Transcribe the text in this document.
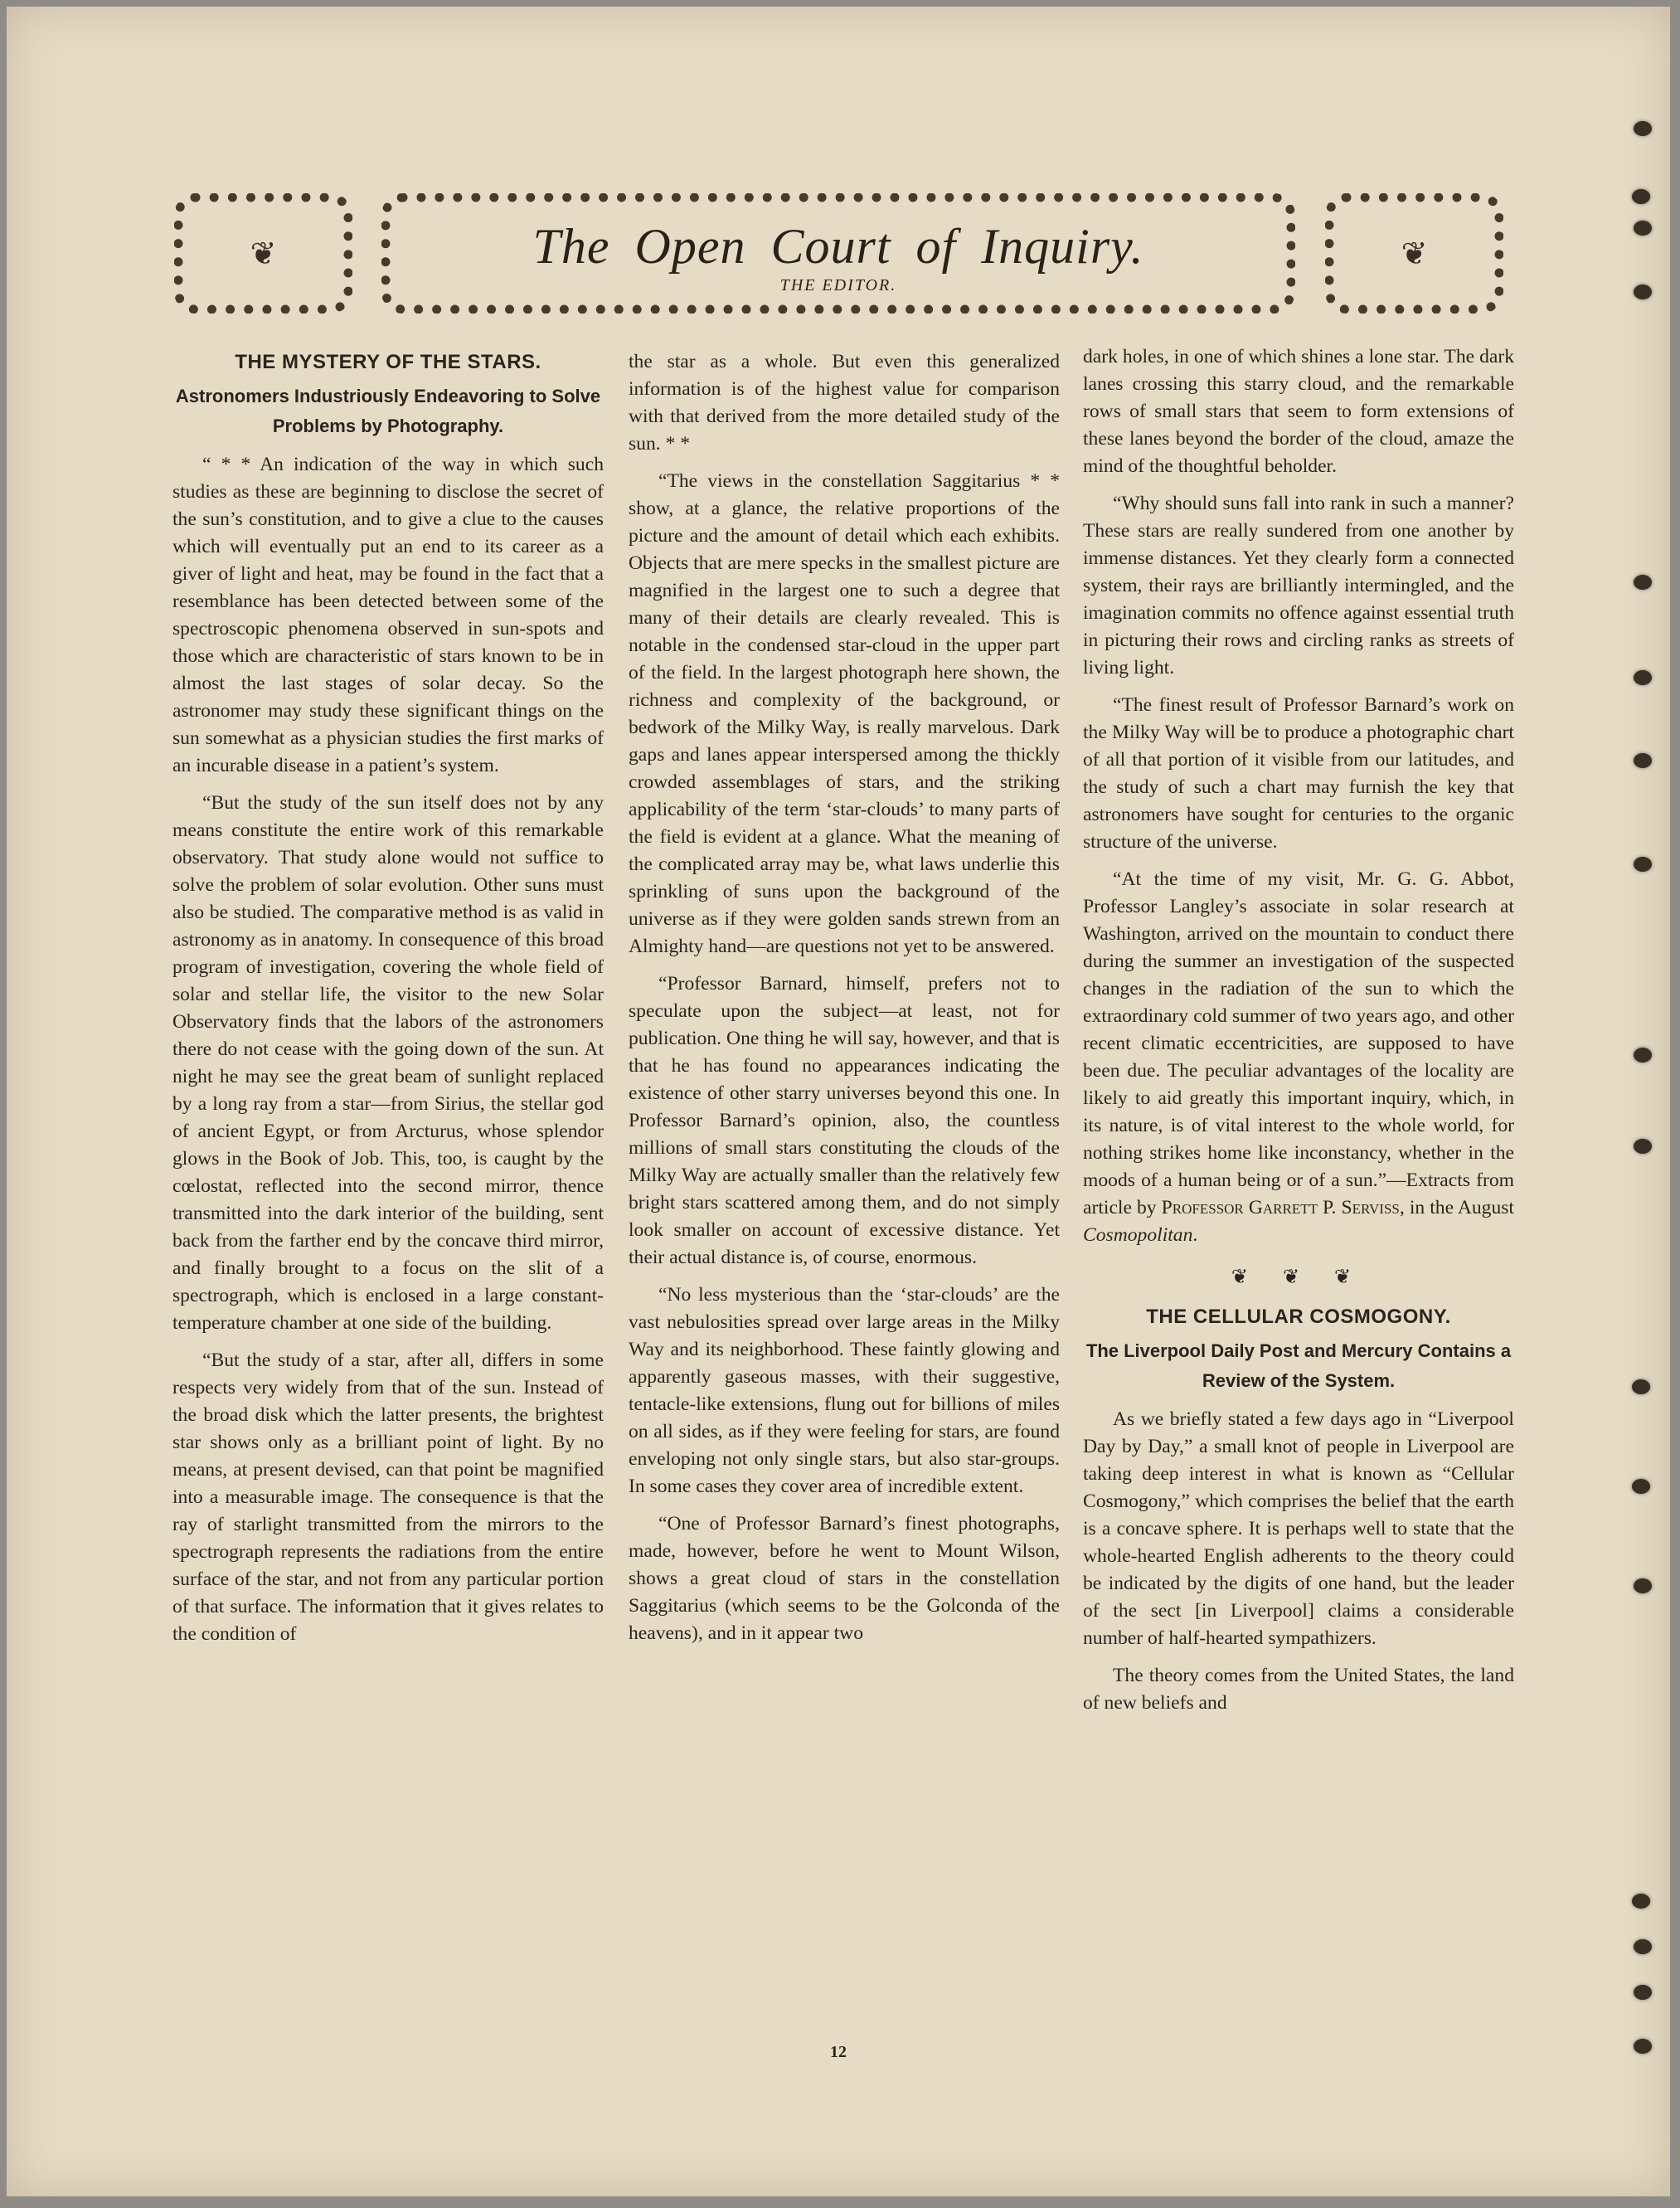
❦	❦
The Open Court of Inquiry.
THE EDITOR.
THE MYSTERY OF THE STARS.
Astronomers Industriously Endeavoring to Solve Problems by Photography.

“ * * An indication of the way in which such studies as these are beginning to disclose the secret of the sun’s constitution, and to give a clue to the causes which will eventually put an end to its career as a giver of light and heat, may be found in the fact that a resemblance has been detected between some of the spectroscopic phenomena observed in sun-spots and those which are characteristic of stars known to be in almost the last stages of solar decay. So the astronomer may study these significant things on the sun somewhat as a physician studies the first marks of an incurable disease in a patient’s system.

“But the study of the sun itself does not by any means constitute the entire work of this remarkable observatory. That study alone would not suffice to solve the problem of solar evolution. Other suns must also be studied. The comparative method is as valid in astronomy as in anatomy. In consequence of this broad program of investigation, covering the whole field of solar and stellar life, the visitor to the new Solar Observatory finds that the labors of the astronomers there do not cease with the going down of the sun. At night he may see the great beam of sunlight replaced by a long ray from a star—from Sirius, the stellar god of ancient Egypt, or from Arcturus, whose splendor glows in the Book of Job. This, too, is caught by the cœlostat, reflected into the second mirror, thence transmitted into the dark interior of the building, sent back from the farther end by the concave third mirror, and finally brought to a focus on the slit of a spectrograph, which is enclosed in a large constant-temperature chamber at one side of the building.

“But the study of a star, after all, differs in some respects very widely from that of the sun. Instead of the broad disk which the latter presents, the brightest star shows only as a brilliant point of light. By no means, at present devised, can that point be magnified into a measurable image. The consequence is that the ray of starlight transmitted from the mirrors to the spectrograph represents the radiations from the entire surface of the star, and not from any particular portion of that surface. The information that it gives relates to the condition of

the star as a whole. But even this generalized information is of the highest value for comparison with that derived from the more detailed study of the sun. * *

“The views in the constellation Saggitarius * * show, at a glance, the relative proportions of the picture and the amount of detail which each exhibits. Objects that are mere specks in the smallest picture are magnified in the largest one to such a degree that many of their details are clearly revealed. This is notable in the condensed star-cloud in the upper part of the field. In the largest photograph here shown, the richness and complexity of the background, or bedwork of the Milky Way, is really marvelous. Dark gaps and lanes appear interspersed among the thickly crowded assemblages of stars, and the striking applicability of the term ‘star-clouds’ to many parts of the field is evident at a glance. What the meaning of the complicated array may be, what laws underlie this sprinkling of suns upon the background of the universe as if they were golden sands strewn from an Almighty hand—are questions not yet to be answered.

“Professor Barnard, himself, prefers not to speculate upon the subject—at least, not for publication. One thing he will say, however, and that is that he has found no appearances indicating the existence of other starry universes beyond this one. In Professor Barnard’s opinion, also, the countless millions of small stars constituting the clouds of the Milky Way are actually smaller than the relatively few bright stars scattered among them, and do not simply look smaller on account of excessive distance. Yet their actual distance is, of course, enormous.

“No less mysterious than the ‘star-clouds’ are the vast nebulosities spread over large areas in the Milky Way and its neighborhood. These faintly glowing and apparently gaseous masses, with their suggestive, tentacle-like extensions, flung out for billions of miles on all sides, as if they were feeling for stars, are found enveloping not only single stars, but also star-groups. In some cases they cover area of incredible extent.

“One of Professor Barnard’s finest photographs, made, however, before he went to Mount Wilson, shows a great cloud of stars in the constellation Saggitarius (which seems to be the Golconda of the heavens), and in it appear two

dark holes, in one of which shines a lone star. The dark lanes crossing this starry cloud, and the remarkable rows of small stars that seem to form extensions of these lanes beyond the border of the cloud, amaze the mind of the thoughtful beholder.

“Why should suns fall into rank in such a manner? These stars are really sundered from one another by immense distances. Yet they clearly form a connected system, their rays are brilliantly intermingled, and the imagination commits no offence against essential truth in picturing their rows and circling ranks as streets of living light.

“The finest result of Professor Barnard’s work on the Milky Way will be to produce a photographic chart of all that portion of it visible from our latitudes, and the study of such a chart may furnish the key that astronomers have sought for centuries to the organic structure of the universe.

“At the time of my visit, Mr. G. G. Abbot, Professor Langley’s associate in solar research at Washington, arrived on the mountain to conduct there during the summer an investigation of the suspected changes in the radiation of the sun to which the extraordinary cold summer of two years ago, and other recent climatic eccentricities, are supposed to have been due. The peculiar advantages of the locality are likely to aid greatly this important inquiry, which, in its nature, is of vital interest to the whole world, for nothing strikes home like inconstancy, whether in the moods of a human being or of a sun.”—Extracts from article by Professor Garrett P. Serviss, in the August Cosmopolitan.

❦ ❦ ❦
THE CELLULAR COSMOGONY.
The Liverpool Daily Post and Mercury Contains a Review of the System.

As we briefly stated a few days ago in “Liverpool Day by Day,” a small knot of people in Liverpool are taking deep interest in what is known as “Cellular Cosmogony,” which comprises the belief that the earth is a concave sphere. It is perhaps well to state that the whole-hearted English adherents to the theory could be indicated by the digits of one hand, but the leader of the sect [in Liverpool] claims a considerable number of half-hearted sympathizers.

The theory comes from the United States, the land of new beliefs and

12
